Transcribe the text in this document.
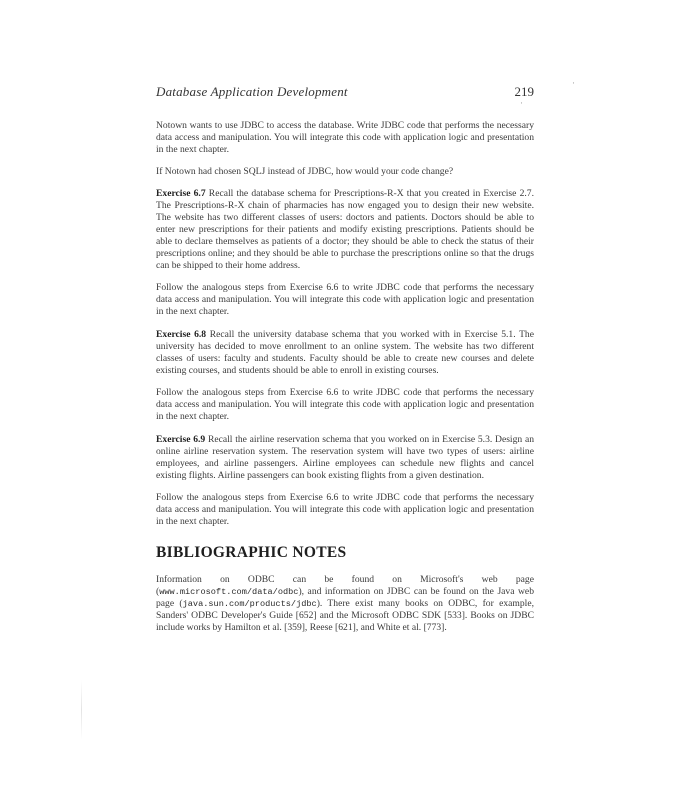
Database Application Development	219

Notown wants to use JDBC to access the database. Write JDBC code that performs the necessary data access and manipulation. You will integrate this code with application logic and presentation in the next chapter.

If Notown had chosen SQLJ instead of JDBC, how would your code change?

Exercise 6.7 Recall the database schema for Prescriptions-R-X that you created in Exercise 2.7. The Prescriptions-R-X chain of pharmacies has now engaged you to design their new website. The website has two different classes of users: doctors and patients. Doctors should be able to enter new prescriptions for their patients and modify existing prescriptions. Patients should be able to declare themselves as patients of a doctor; they should be able to check the status of their prescriptions online; and they should be able to purchase the prescriptions online so that the drugs can be shipped to their home address.

Follow the analogous steps from Exercise 6.6 to write JDBC code that performs the necessary data access and manipulation. You will integrate this code with application logic and presentation in the next chapter.

Exercise 6.8 Recall the university database schema that you worked with in Exercise 5.1. The university has decided to move enrollment to an online system. The website has two different classes of users: faculty and students. Faculty should be able to create new courses and delete existing courses, and students should be able to enroll in existing courses.

Follow the analogous steps from Exercise 6.6 to write JDBC code that performs the necessary data access and manipulation. You will integrate this code with application logic and presentation in the next chapter.

Exercise 6.9 Recall the airline reservation schema that you worked on in Exercise 5.3. Design an online airline reservation system. The reservation system will have two types of users: airline employees, and airline passengers. Airline employees can schedule new flights and cancel existing flights. Airline passengers can book existing flights from a given destination.

Follow the analogous steps from Exercise 6.6 to write JDBC code that performs the necessary data access and manipulation. You will integrate this code with application logic and presentation in the next chapter.

BIBLIOGRAPHIC NOTES

Information on ODBC can be found on Microsoft's web page (www.microsoft.com/data/odbc), and information on JDBC can be found on the Java web page (java.sun.com/products/jdbc). There exist many books on ODBC, for example, Sanders' ODBC Developer's Guide [652] and the Microsoft ODBC SDK [533]. Books on JDBC include works by Hamilton et al. [359], Reese [621], and White et al. [773].

·
·
